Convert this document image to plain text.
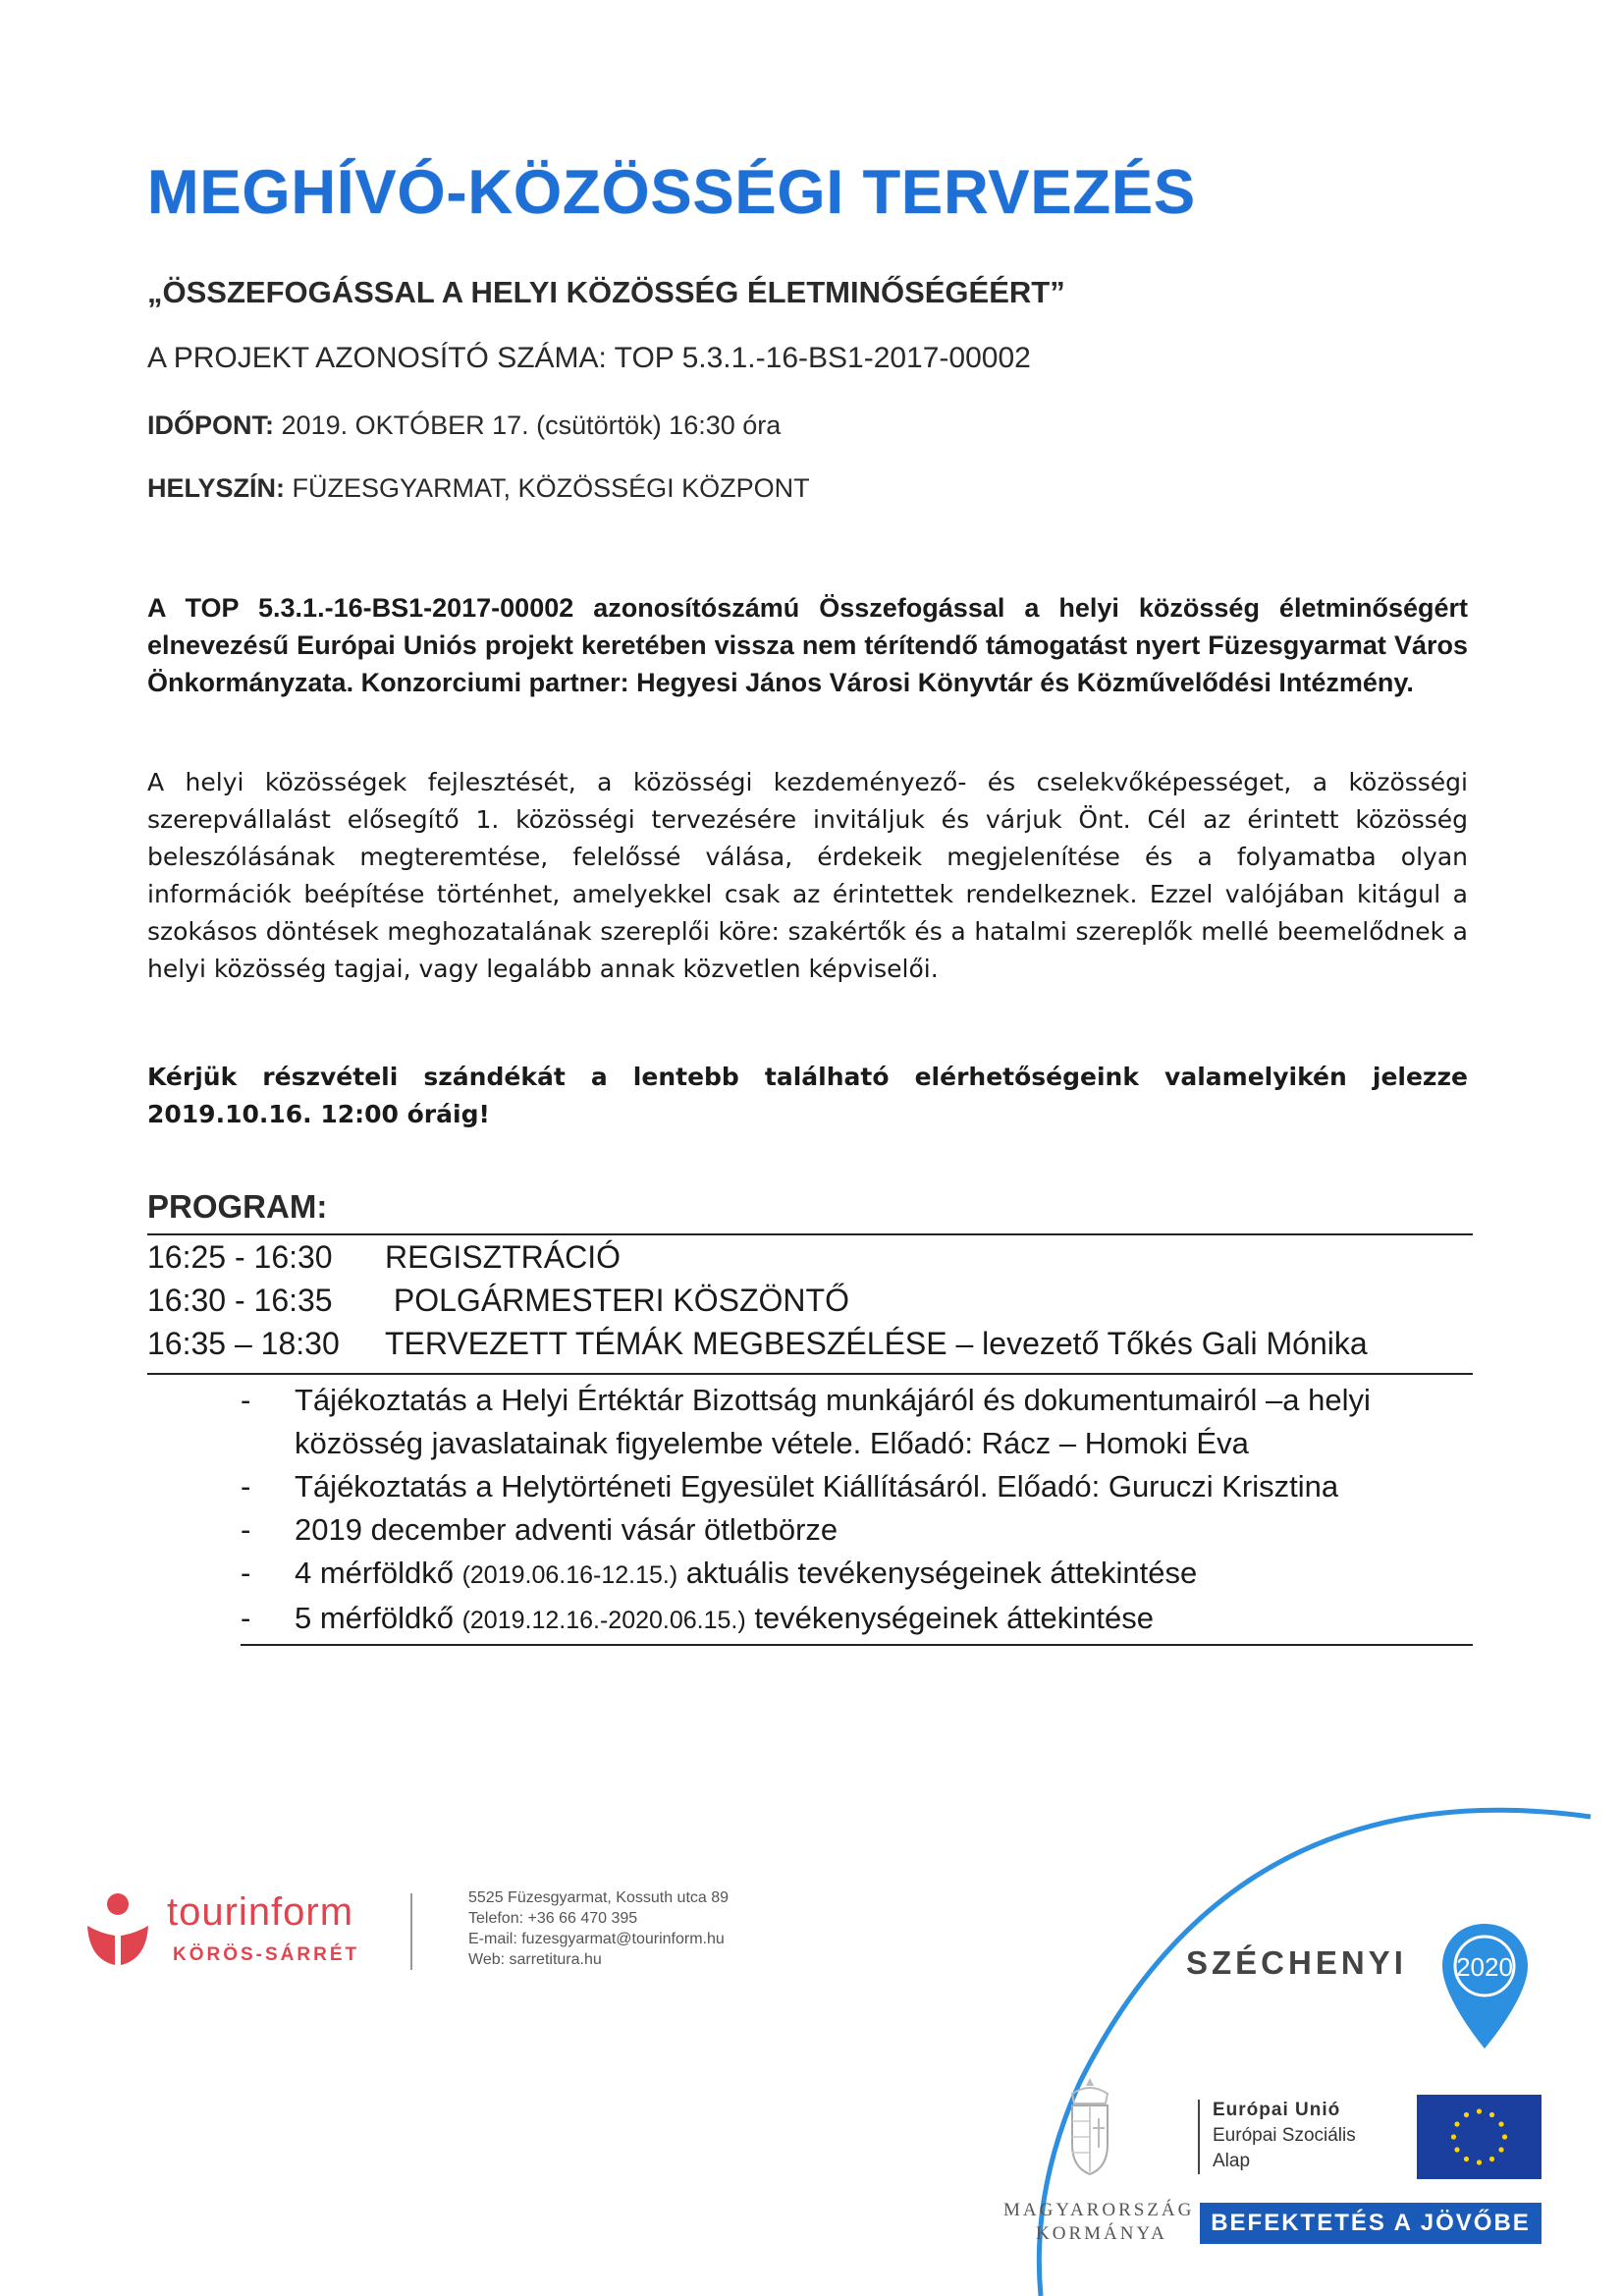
MEGHÍVÓ-KÖZÖSSÉGI TERVEZÉS
„ÖSSZEFOGÁSSAL A HELYI KÖZÖSSÉG ÉLETMINŐSÉGÉÉRT”
A PROJEKT AZONOSÍTÓ SZÁMA: TOP 5.3.1.-16-BS1-2017-00002
IDŐPONT: 2019. OKTÓBER 17. (csütörtök) 16:30 óra
HELYSZÍN: FÜZESGYARMAT, KÖZÖSSÉGI KÖZPONT
A TOP 5.3.1.-16-BS1-2017-00002 azonosítószámú Összefogással a helyi közösség életminőségért elnevezésű Európai Uniós projekt keretében vissza nem térítendő támogatást nyert Füzesgyarmat Város Önkormányzata. Konzorciumi partner: Hegyesi János Városi Könyvtár és Közművelődési Intézmény.
A helyi közösségek fejlesztését, a közösségi kezdeményező- és cselekvőképességet, a közösségi szerepvállalást elősegítő 1. közösségi tervezésére invitáljuk és várjuk Önt. Cél az érintett közösség beleszólásának megteremtése, felelőssé válása, érdekeik megjelenítése és a folyamatba olyan információk beépítése történhet, amelyekkel csak az érintettek rendelkeznek. Ezzel valójában kitágul a szokásos döntések meghozatalának szereplői köre: szakértők és a hatalmi szereplők mellé beemelődnek a helyi közösség tagjai, vagy legalább annak közvetlen képviselői.
Kérjük részvételi szándékát a lentebb található elérhetőségeink valamelyikén jelezze 2019.10.16. 12:00 óráig!
PROGRAM:
16:25 - 16:30 REGISZTRÁCIÓ
16:30 - 16:35 POLGÁRMESTERI KÖSZÖNTŐ
16:35 – 18:30 TERVEZETT TÉMÁK MEGBESZÉLÉSE – levezető Tőkés Gali Mónika
- Tájékoztatás a Helyi Értéktár Bizottság munkájáról és dokumentumairól –a helyi közösség javaslatainak figyelembe vétele. Előadó: Rácz – Homoki Éva
- Tájékoztatás a Helytörténeti Egyesület Kiállításáról. Előadó: Guruczi Krisztina
- 2019 december adventi vásár ötletbörze
- 4 mérföldkő (2019.06.16-12.15.) aktuális tevékenységeinek áttekintése
- 5 mérföldkő (2019.12.16.-2020.06.15.) tevékenységeinek áttekintése
tourinform
KÖRÖS-SÁRRÉT
5525 Füzesgyarmat, Kossuth utca 89
Telefon: +36 66 470 395
E-mail: fuzesgyarmat@tourinform.hu
Web: sarretitura.hu	SZÉCHENYI 2020
MAGYARORSZÁG
KORMÁNYA
Európai Unió
Európai Szociális
Alap
BEFEKTETÉS A JÖVŐBE
